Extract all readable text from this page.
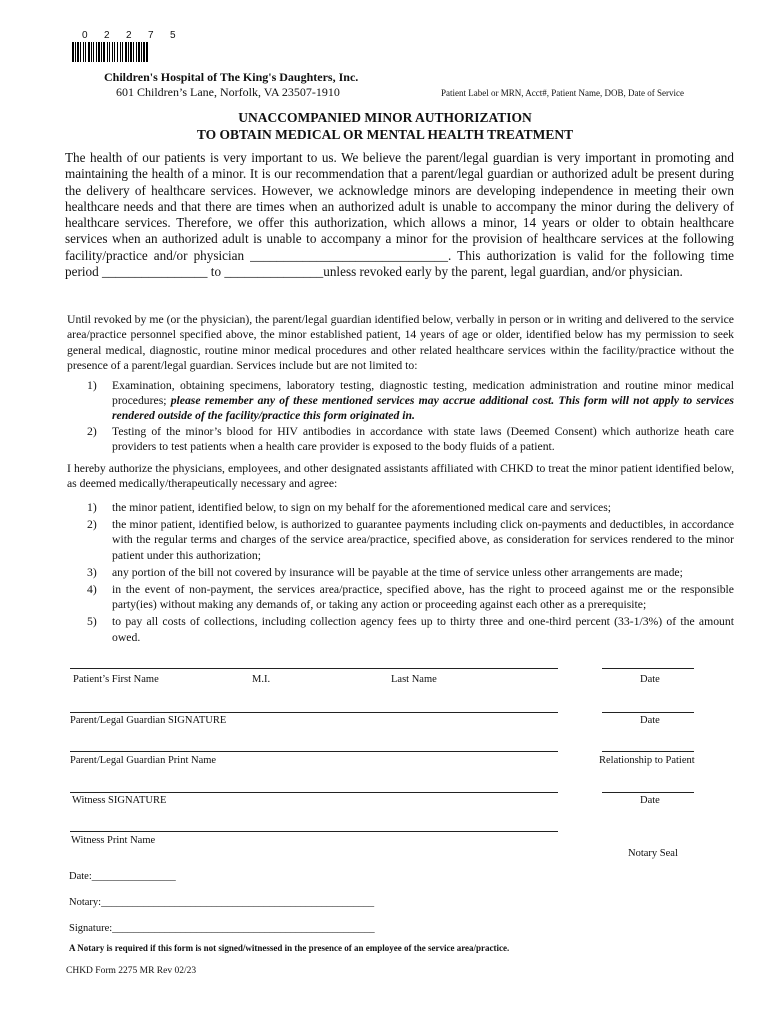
0 2 2 7 5
Children's Hospital of The King's Daughters, Inc.
601 Children’s Lane, Norfolk, VA 23507-1910	Patient Label or MRN, Acct#, Patient Name, DOB, Date of Service
UNACCOMPANIED MINOR AUTHORIZATION
TO OBTAIN MEDICAL OR MENTAL HEALTH TREATMENT
The health of our patients is very important to us. We believe the parent/legal guardian is very important in promoting and maintaining the health of a minor. It is our recommendation that a parent/legal guardian or authorized adult be present during the delivery of healthcare services. However, we acknowledge minors are developing independence in meeting their own healthcare needs and that there are times when an authorized adult is unable to accompany the minor during the delivery of healthcare services. Therefore, we offer this authorization, which allows a minor, 14 years or older to obtain healthcare services when an authorized adult is unable to accompany a minor for the provision of healthcare services at the following facility/practice and/or physician ______________________________. This authorization is valid for the following time period ________________ to _______________unless revoked early by the parent, legal guardian, and/or physician.
Until revoked by me (or the physician), the parent/legal guardian identified below, verbally in person or in writing and delivered to the service area/practice personnel specified above, the minor established patient, 14 years of age or older, identified below has my permission to seek general medical, diagnostic, routine minor medical procedures and other related healthcare services within the facility/practice without the presence of a parent/legal guardian. Services include but are not limited to:
1) Examination, obtaining specimens, laboratory testing, diagnostic testing, medication administration and routine minor medical procedures; please remember any of these mentioned services may accrue additional cost. This form will not apply to services rendered outside of the facility/practice this form originated in.
2) Testing of the minor’s blood for HIV antibodies in accordance with state laws (Deemed Consent) which authorize heath care providers to test patients when a health care provider is exposed to the body fluids of a patient.
I hereby authorize the physicians, employees, and other designated assistants affiliated with CHKD to treat the minor patient identified below, as deemed medically/therapeutically necessary and agree:
1) the minor patient, identified below, to sign on my behalf for the aforementioned medical care and services;
2) the minor patient, identified below, is authorized to guarantee payments including click on-payments and deductibles, in accordance with the regular terms and charges of the service area/practice, specified above, as consideration for services rendered to the minor patient under this authorization;
3) any portion of the bill not covered by insurance will be payable at the time of service unless other arrangements are made;
4) in the event of non-payment, the services area/practice, specified above, has the right to proceed against me or the responsible party(ies) without making any demands of, or taking any action or proceeding against each other as a prerequisite;
5) to pay all costs of collections, including collection agency fees up to thirty three and one-third percent (33-1/3%) of the amount owed.
Patient’s First Name	M.I.	Last Name	Date
Parent/Legal Guardian SIGNATURE	Date
Parent/Legal Guardian Print Name	Relationship to Patient
Witness SIGNATURE	Date
Witness Print Name
Notary Seal
Date:________________
Notary:____________________________________________________
Signature:__________________________________________________
A Notary is required if this form is not signed/witnessed in the presence of an employee of the service area/practice.
CHKD Form 2275 MR Rev 02/23
